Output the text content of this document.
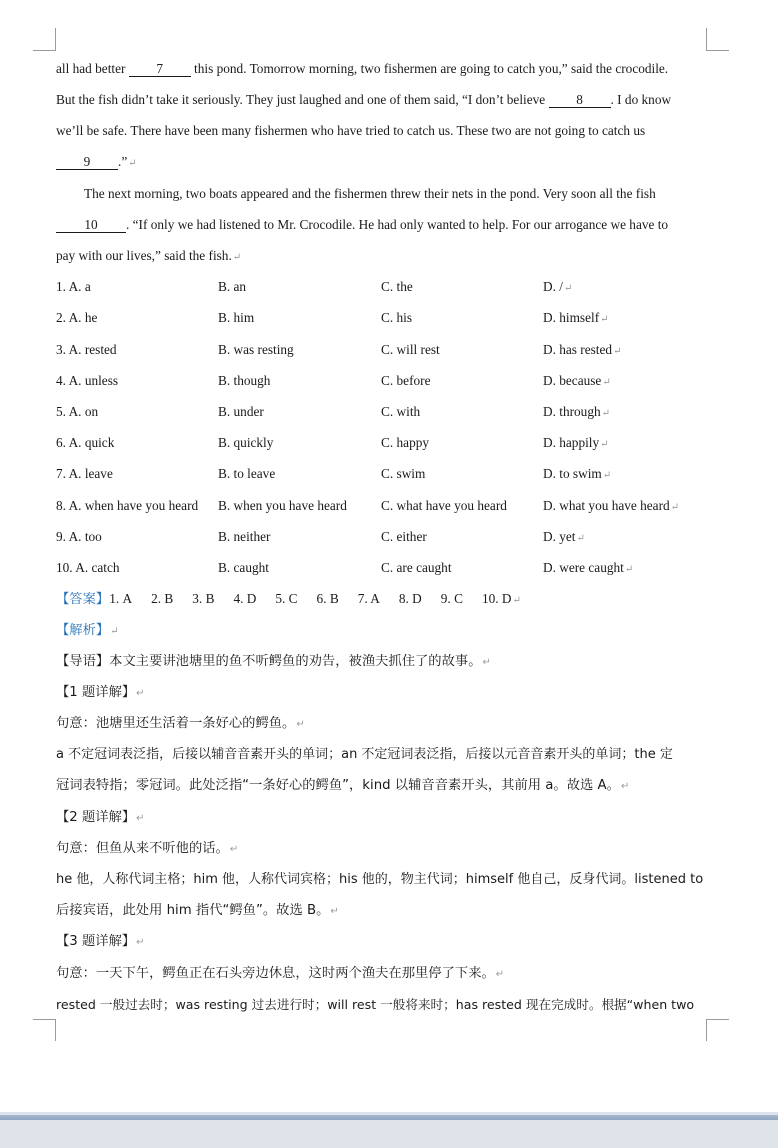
all had better 7 this pond. Tomorrow morning, two fishermen are going to catch you,” said the crocodile.
But the fish didn’t take it seriously. They just laughed and one of them said, “I don’t believe 8 . I do know
we’ll be safe. There have been many fishermen who have tried to catch us. These two are not going to catch us
9 .”↵
The next morning, two boats appeared and the fishermen threw their nets in the pond. Very soon all the fish
10 . “If only we had listened to Mr. Crocodile. He had only wanted to help. For our arrogance we have to
pay with our lives,” said the fish.↵
1. A. a	B. an	C. the	D. /↵
2. A. he	B. him	C. his	D. himself↵
3. A. rested	B. was resting	C. will rest	D. has rested↵
4. A. unless	B. though	C. before	D. because↵
5. A. on	B. under	C. with	D. through↵
6. A. quick	B. quickly	C. happy	D. happily↵
7. A. leave	B. to leave	C. swim	D. to swim↵
8. A. when have you heard B. when you have heard	C. what have you heard	D. what you have heard↵
9. A. too	B. neither	C. either	D. yet↵
10. A. catch	B. caught	C. are caught	D. were caught↵
【答案】1. A 2. B 3. B 4. D 5. C 6. B 7. A 8. D 9. C 10. D↵
【解析】↵
【导语】本文主要讲池塘里的鱼不听鳄鱼的劝告，被渔夫抓住了的故事。↵
【1 题详解】↵
句意：池塘里还生活着一条好心的鳄鱼。↵
a 不定冠词表泛指，后接以辅音音素开头的单词；an 不定冠词表泛指，后接以元音音素开头的单词；the 定
冠词表特指；零冠词。此处泛指“一条好心的鳄鱼”，kind 以辅音音素开头，其前用 a。故选 A。↵
【2 题详解】↵
句意：但鱼从来不听他的话。↵
he 他，人称代词主格；him 他，人称代词宾格；his 他的，物主代词；himself 他自己，反身代词。listened to
后接宾语，此处用 him 指代“鳄鱼”。故选 B。↵
【3 题详解】↵
句意：一天下午，鳄鱼正在石头旁边休息，这时两个渔夫在那里停了下来。↵
rested 一般过去时；was resting 过去进行时；will rest 一般将来时；has rested 现在完成时。根据“when two
